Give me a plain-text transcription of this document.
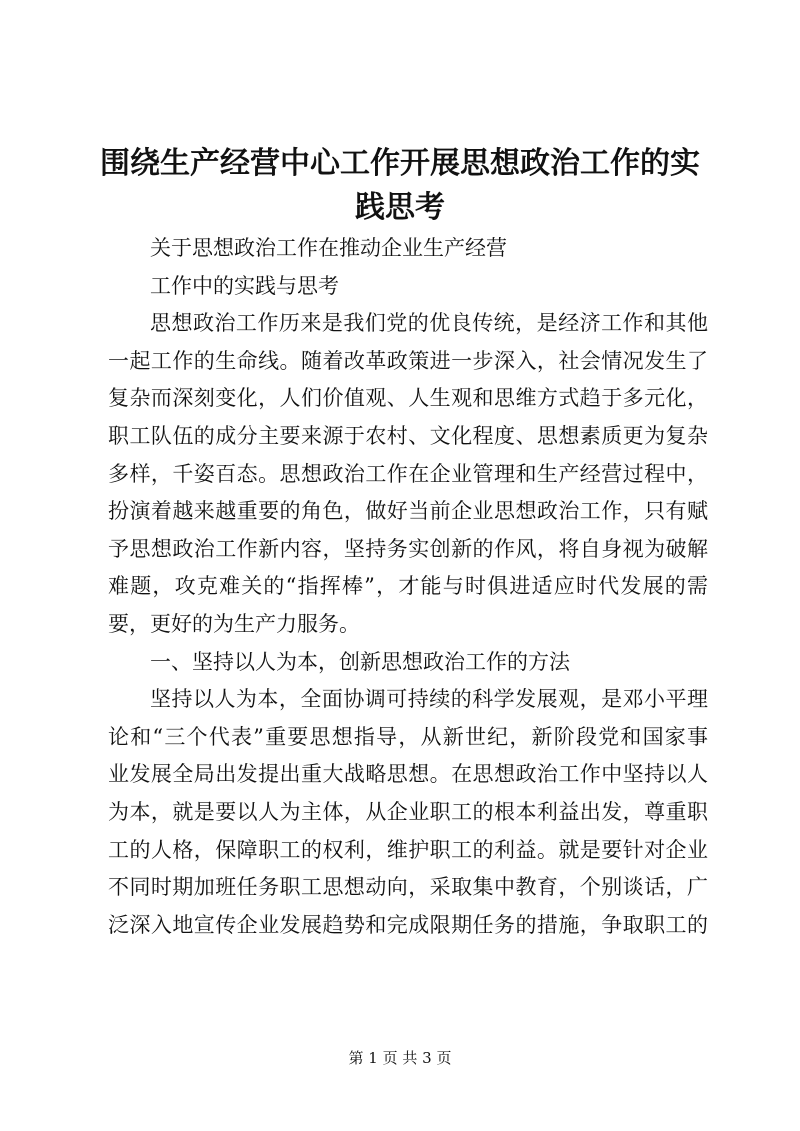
围绕生产经营中心工作开展思想政治工作的实
践思考
关于思想政治工作在推动企业生产经营
工作中的实践与思考
思想政治工作历来是我们党的优良传统，是经济工作和其他
一起工作的生命线。随着改革政策进一步深入，社会情况发生了
复杂而深刻变化，人们价值观、人生观和思维方式趋于多元化，
职工队伍的成分主要来源于农村、文化程度、思想素质更为复杂
多样，千姿百态。思想政治工作在企业管理和生产经营过程中，
扮演着越来越重要的角色，做好当前企业思想政治工作，只有赋
予思想政治工作新内容，坚持务实创新的作风，将自身视为破解
难题，攻克难关的“指挥棒”，才能与时俱进适应时代发展的需
要，更好的为生产力服务。
一、坚持以人为本，创新思想政治工作的方法
坚持以人为本，全面协调可持续的科学发展观，是邓小平理
论和“三个代表”重要思想指导，从新世纪，新阶段党和国家事
业发展全局出发提出重大战略思想。在思想政治工作中坚持以人
为本，就是要以人为主体，从企业职工的根本利益出发，尊重职
工的人格，保障职工的权利，维护职工的利益。就是要针对企业
不同时期加班任务职工思想动向，采取集中教育，个别谈话，广
泛深入地宣传企业发展趋势和完成限期任务的措施，争取职工的
第 1 页 共 3 页
